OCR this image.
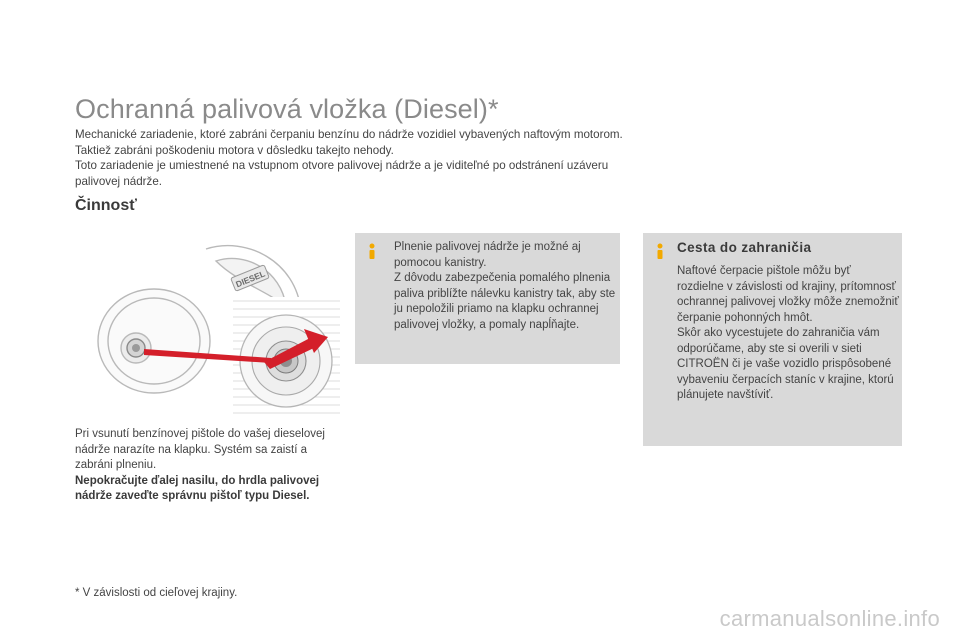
Ochranná palivová vložka (Diesel)*

Mechanické zariadenie, ktoré zabráni čerpaniu benzínu do nádrže vozidiel vybavených naftovým motorom. Taktiež zabráni poškodeniu motora v dôsledku takejto nehody.

Toto zariadenie je umiestnené na vstupnom otvore palivovej nádrže a je viditeľné po odstránení uzáveru palivovej nádrže.

Činnosť
DIESEL

Plnenie palivovej nádrže je možné aj pomocou kanistry.

Z dôvodu zabezpečenia pomalého plnenia paliva priblížte nálevku kanistry tak, aby ste ju nepoložili priamo na klapku ochrannej palivovej vložky, a pomaly napĺňajte.

Cesta do zahraničia

Naftové čerpacie pištole môžu byť rozdielne v závislosti od krajiny, prítomnosť ochrannej palivovej vložky môže znemožniť čerpanie pohonných hmôt.

Skôr ako vycestujete do zahraničia vám odporúčame, aby ste si overili v sieti CITROËN či je vaše vozidlo prispôsobené vybaveniu čerpacích staníc v krajine, ktorú plánujete navštíviť.

Pri vsunutí benzínovej pištole do vašej dieselovej nádrže narazíte na klapku. Systém sa zaistí a zabráni plneniu.

Nepokračujte ďalej nasilu, do hrdla palivovej nádrže zaveďte správnu pištoľ typu Diesel.

* V závislosti od cieľovej krajiny.
carmanualsonline.info
